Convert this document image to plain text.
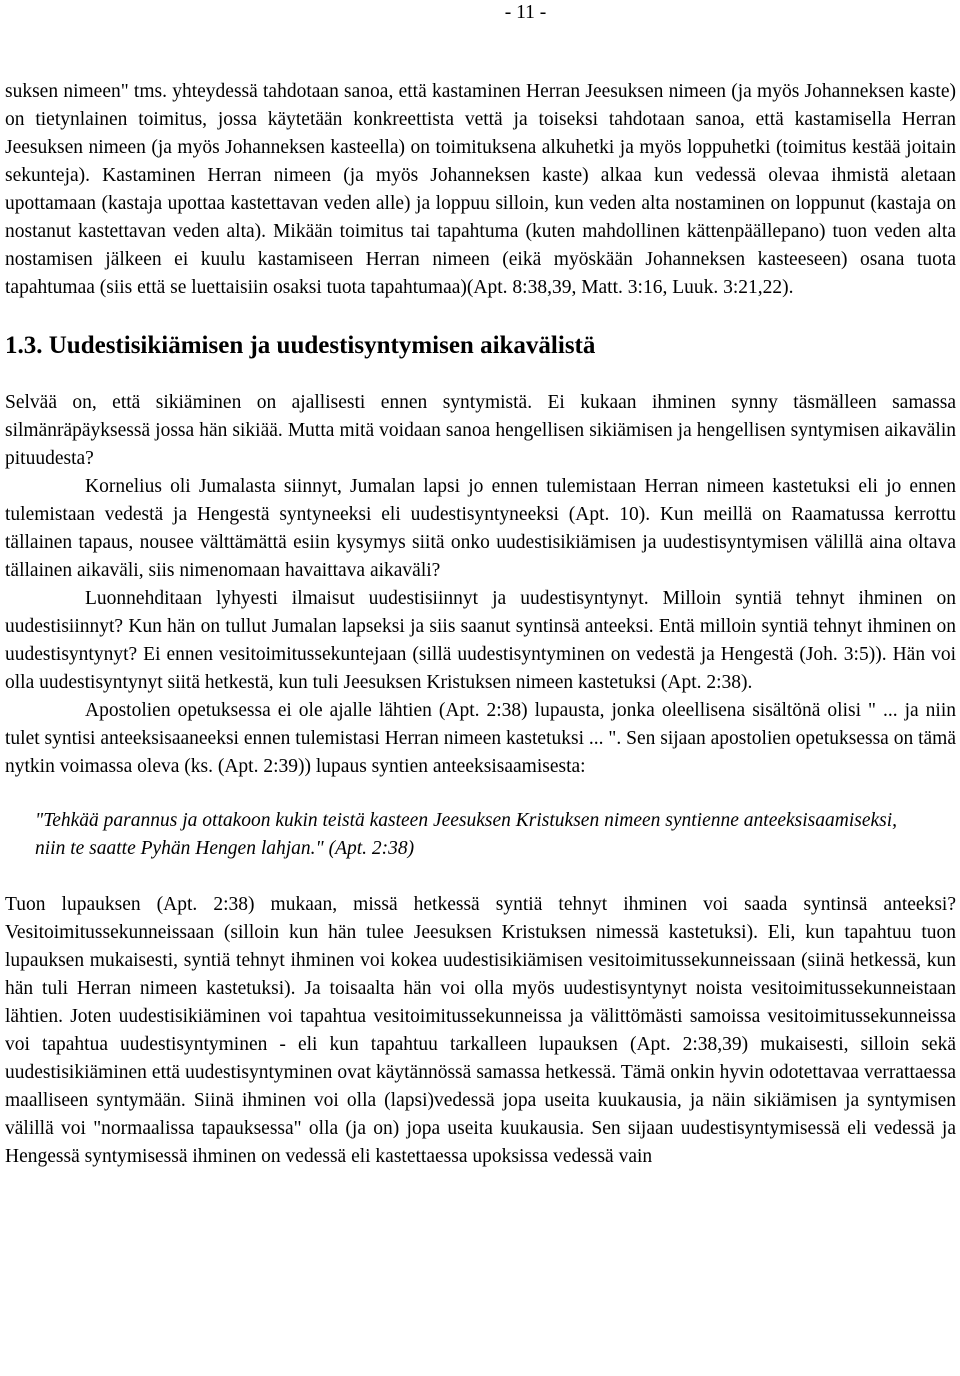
- 11 -

suksen nimeen" tms. yhteydessä tahdotaan sanoa, että kastaminen Herran Jeesuksen nimeen (ja myös Johanneksen kaste) on tietynlainen toimitus, jossa käytetään konkreettista vettä ja toiseksi tahdotaan sanoa, että kastamisella Herran Jeesuksen nimeen (ja myös Johanneksen kasteella) on toimituksena alkuhetki ja myös loppuhetki (toimitus kestää joitain sekunteja). Kastaminen Herran nimeen (ja myös Johanneksen kaste) alkaa kun vedessä olevaa ihmistä aletaan upottamaan (kastaja upottaa kastettavan veden alle) ja loppuu silloin, kun veden alta nostaminen on loppunut (kastaja on nostanut kastettavan veden alta). Mikään toimitus tai tapahtuma (kuten mahdollinen kättenpäällepano) tuon veden alta nostamisen jälkeen ei kuulu kastamiseen Herran nimeen (eikä myöskään Johanneksen kasteeseen) osana tuota tapahtumaa (siis että se luettaisiin osaksi tuota tapahtumaa)(Apt. 8:38,39, Matt. 3:16, Luuk. 3:21,22).

1.3. Uudestisikiämisen ja uudestisyntymisen aikavälistä

Selvää on, että sikiäminen on ajallisesti ennen syntymistä. Ei kukaan ihminen synny täsmälleen samassa silmänräpäyksessä jossa hän sikiää. Mutta mitä voidaan sanoa hengellisen sikiämisen ja hengellisen syntymisen aikavälin pituudesta?

Kornelius oli Jumalasta siinnyt, Jumalan lapsi jo ennen tulemistaan Herran nimeen kastetuksi eli jo ennen tulemistaan vedestä ja Hengestä syntyneeksi eli uudestisyntyneeksi (Apt. 10). Kun meillä on Raamatussa kerrottu tällainen tapaus, nousee välttämättä esiin kysymys siitä onko uudestisikiämisen ja uudestisyntymisen välillä aina oltava tällainen aikaväli, siis nimenomaan havaittava aikaväli?

Luonnehditaan lyhyesti ilmaisut uudestisiinnyt ja uudestisyntynyt. Milloin syntiä tehnyt ihminen on uudestisiinnyt? Kun hän on tullut Jumalan lapseksi ja siis saanut syntinsä anteeksi. Entä milloin syntiä tehnyt ihminen on uudestisyntynyt? Ei ennen vesitoimitussekuntejaan (sillä uudestisyntyminen on vedestä ja Hengestä (Joh. 3:5)). Hän voi olla uudestisyntynyt siitä hetkestä, kun tuli Jeesuksen Kristuksen nimeen kastetuksi (Apt. 2:38).

Apostolien opetuksessa ei ole ajalle lähtien (Apt. 2:38) lupausta, jonka oleellisena sisältönä olisi " ... ja niin tulet syntisi anteeksisaaneeksi ennen tulemistasi Herran nimeen kastetuksi ... ". Sen sijaan apostolien opetuksessa on tämä nytkin voimassa oleva (ks. (Apt. 2:39)) lupaus syntien anteeksisaamisesta:

"Tehkää parannus ja ottakoon kukin teistä kasteen Jeesuksen Kristuksen nimeen syntienne anteeksisaamiseksi, niin te saatte Pyhän Hengen lahjan." (Apt. 2:38)

Tuon lupauksen (Apt. 2:38) mukaan, missä hetkessä syntiä tehnyt ihminen voi saada syntinsä anteeksi? Vesitoimitussekunneissaan (silloin kun hän tulee Jeesuksen Kristuksen nimessä kastetuksi). Eli, kun tapahtuu tuon lupauksen mukaisesti, syntiä tehnyt ihminen voi kokea uudestisikiämisen vesitoimitussekunneissaan (siinä hetkessä, kun hän tuli Herran nimeen kastetuksi). Ja toisaalta hän voi olla myös uudestisyntynyt noista vesitoimitussekunneistaan lähtien. Joten uudestisikiäminen voi tapahtua vesitoimitussekunneissa ja välittömästi samoissa vesitoimitussekunneissa voi tapahtua uudestisyntyminen - eli kun tapahtuu tarkalleen lupauksen (Apt. 2:38,39) mukaisesti, silloin sekä uudestisikiäminen että uudestisyntyminen ovat käytännössä samassa hetkessä. Tämä onkin hyvin odotettavaa verrattaessa maalliseen syntymään. Siinä ihminen voi olla (lapsi)vedessä jopa useita kuukausia, ja näin sikiämisen ja syntymisen välillä voi "normaalissa tapauksessa" olla (ja on) jopa useita kuukausia. Sen sijaan uudestisyntymisessä eli vedessä ja Hengessä syntymisessä ihminen on vedessä eli kastettaessa upoksissa vedessä vain
